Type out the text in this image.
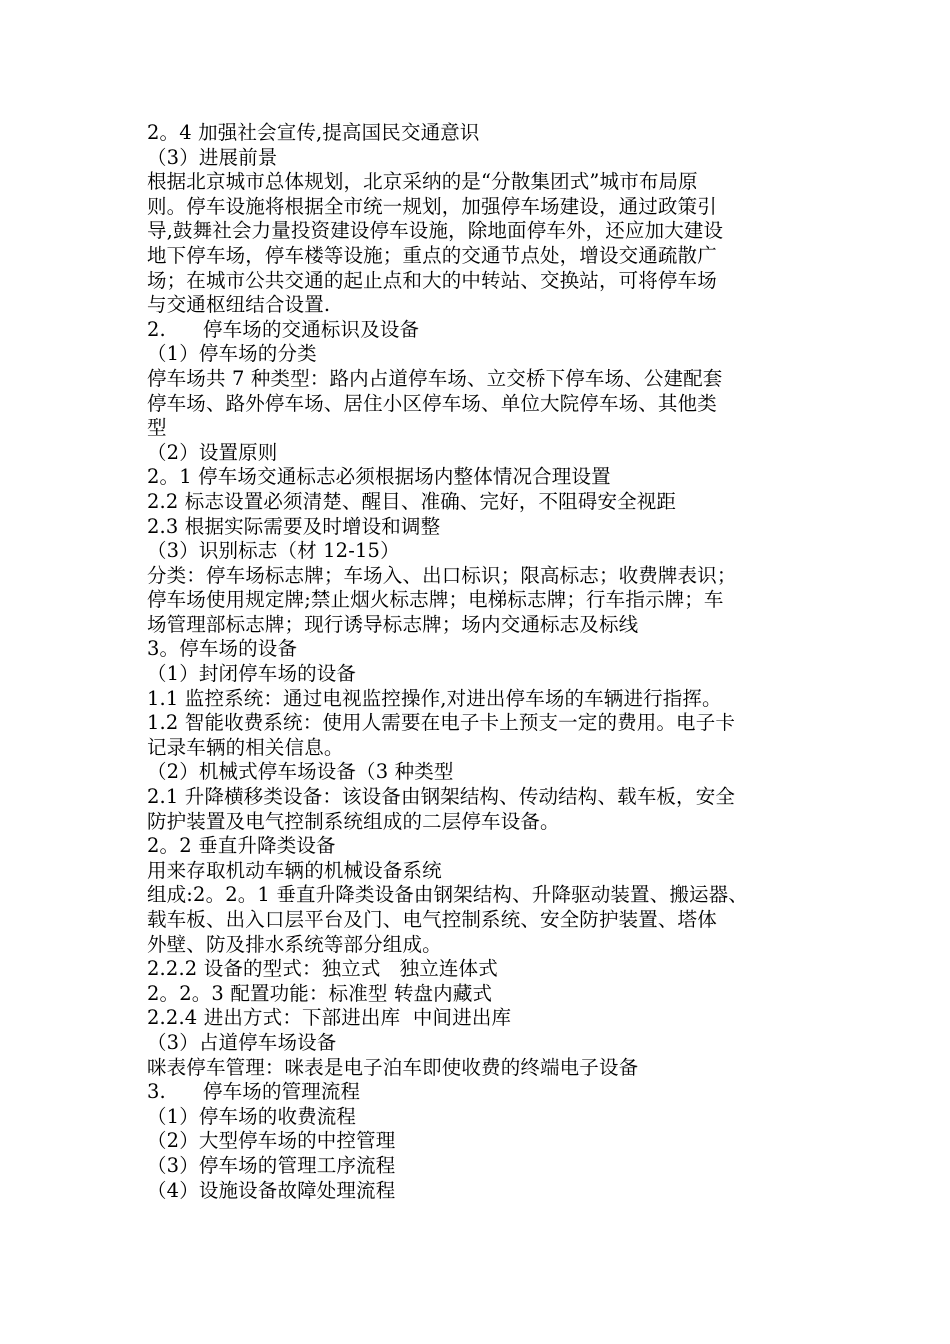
2。4 加强社会宣传,提高国民交通意识
（3）进展前景
根据北京城市总体规划，北京采纳的是“分散集团式”城市布局原
则。停车设施将根据全市统一规划，加强停车场建设，通过政策引
导,鼓舞社会力量投资建设停车设施，除地面停车外，还应加大建设
地下停车场，停车楼等设施；重点的交通节点处，增设交通疏散广
场；在城市公共交通的起止点和大的中转站、交换站，可将停车场
与交通枢纽结合设置.
2. 停车场的交通标识及设备
（1）停车场的分类
停车场共 7 种类型：路内占道停车场、立交桥下停车场、公建配套
停车场、路外停车场、居住小区停车场、单位大院停车场、其他类
型
（2）设置原则
2。1 停车场交通标志必须根据场内整体情况合理设置
2.2 标志设置必须清楚、醒目、准确、完好，不阻碍安全视距
2.3 根据实际需要及时增设和调整
（3）识别标志（材 12-15）
分类：停车场标志牌；车场入、出口标识；限高标志；收费牌表识；
停车场使用规定牌;禁止烟火标志牌；电梯标志牌；行车指示牌；车
场管理部标志牌；现行诱导标志牌；场内交通标志及标线
3。停车场的设备
（1）封闭停车场的设备
1.1 监控系统：通过电视监控操作,对进出停车场的车辆进行指挥。
1.2 智能收费系统：使用人需要在电子卡上预支一定的费用。电子卡
记录车辆的相关信息。
（2）机械式停车场设备（3 种类型
2.1 升降横移类设备：该设备由钢架结构、传动结构、载车板，安全
防护装置及电气控制系统组成的二层停车设备。
2。2 垂直升降类设备
用来存取机动车辆的机械设备系统
组成:2。2。1 垂直升降类设备由钢架结构、升降驱动装置、搬运器、
载车板、出入口层平台及门、电气控制系统、安全防护装置、塔体
外壁、防及排水系统等部分组成。
2.2.2 设备的型式：独立式   独立连体式
2。2。3 配置功能：标准型 转盘内藏式
2.2.4 进出方式：下部进出库  中间进出库
（3）占道停车场设备
咪表停车管理：咪表是电子泊车即使收费的终端电子设备
3. 停车场的管理流程
（1）停车场的收费流程
（2）大型停车场的中控管理
（3）停车场的管理工序流程
（4）设施设备故障处理流程
